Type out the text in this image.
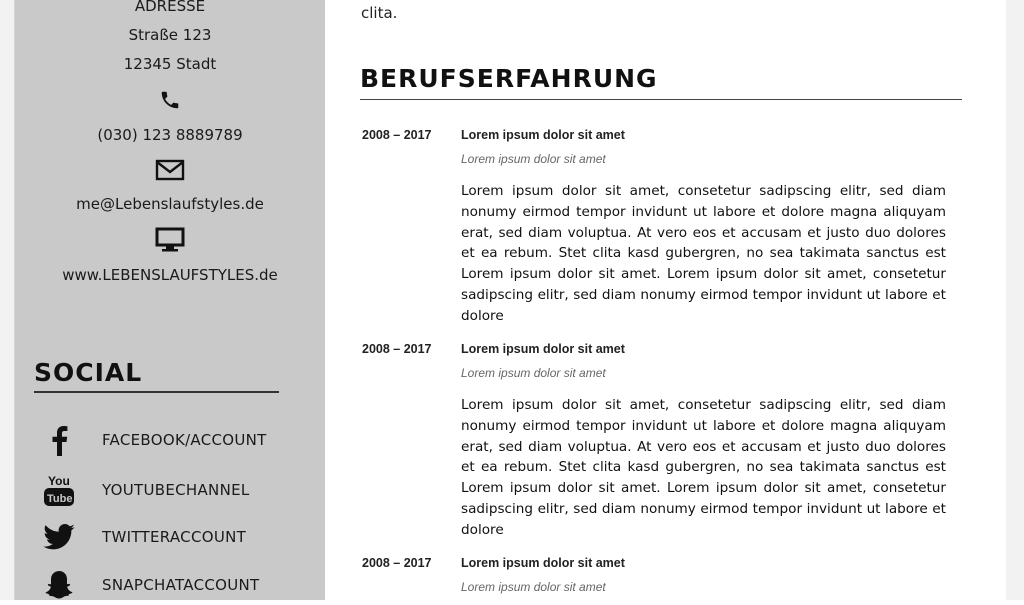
ADRESSE
Straße 123
12345 Stadt
(030) 123 8889789
me@Lebenslaufstyles.de
www.LEBENSLAUFSTYLES.de
SOCIAL
FACEBOOK/ACCOUNT
You
Tube YOUTUBECHANNEL
TWITTERACCOUNT
SNAPCHATACCOUNT
clita.
BERUFSERFAHRUNG
2008 – 2017 Lorem ipsum dolor sit amet
Lorem ipsum dolor sit amet
Lorem ipsum dolor sit amet, consetetur sadipscing elitr, sed diam nonumy eirmod tempor invidunt ut labore et dolore magna aliquyam erat, sed diam voluptua. At vero eos et accusam et justo duo dolores et ea rebum. Stet clita kasd gubergren, no sea takimata sanctus est Lorem ipsum dolor sit amet. Lorem ipsum dolor sit amet, consetetur sadipscing elitr, sed diam nonumy eirmod tempor invidunt ut labore et dolore
2008 – 2017 Lorem ipsum dolor sit amet
Lorem ipsum dolor sit amet
Lorem ipsum dolor sit amet, consetetur sadipscing elitr, sed diam nonumy eirmod tempor invidunt ut labore et dolore magna aliquyam erat, sed diam voluptua. At vero eos et accusam et justo duo dolores et ea rebum. Stet clita kasd gubergren, no sea takimata sanctus est Lorem ipsum dolor sit amet. Lorem ipsum dolor sit amet, consetetur sadipscing elitr, sed diam nonumy eirmod tempor invidunt ut labore et dolore
2008 – 2017 Lorem ipsum dolor sit amet
Lorem ipsum dolor sit amet
